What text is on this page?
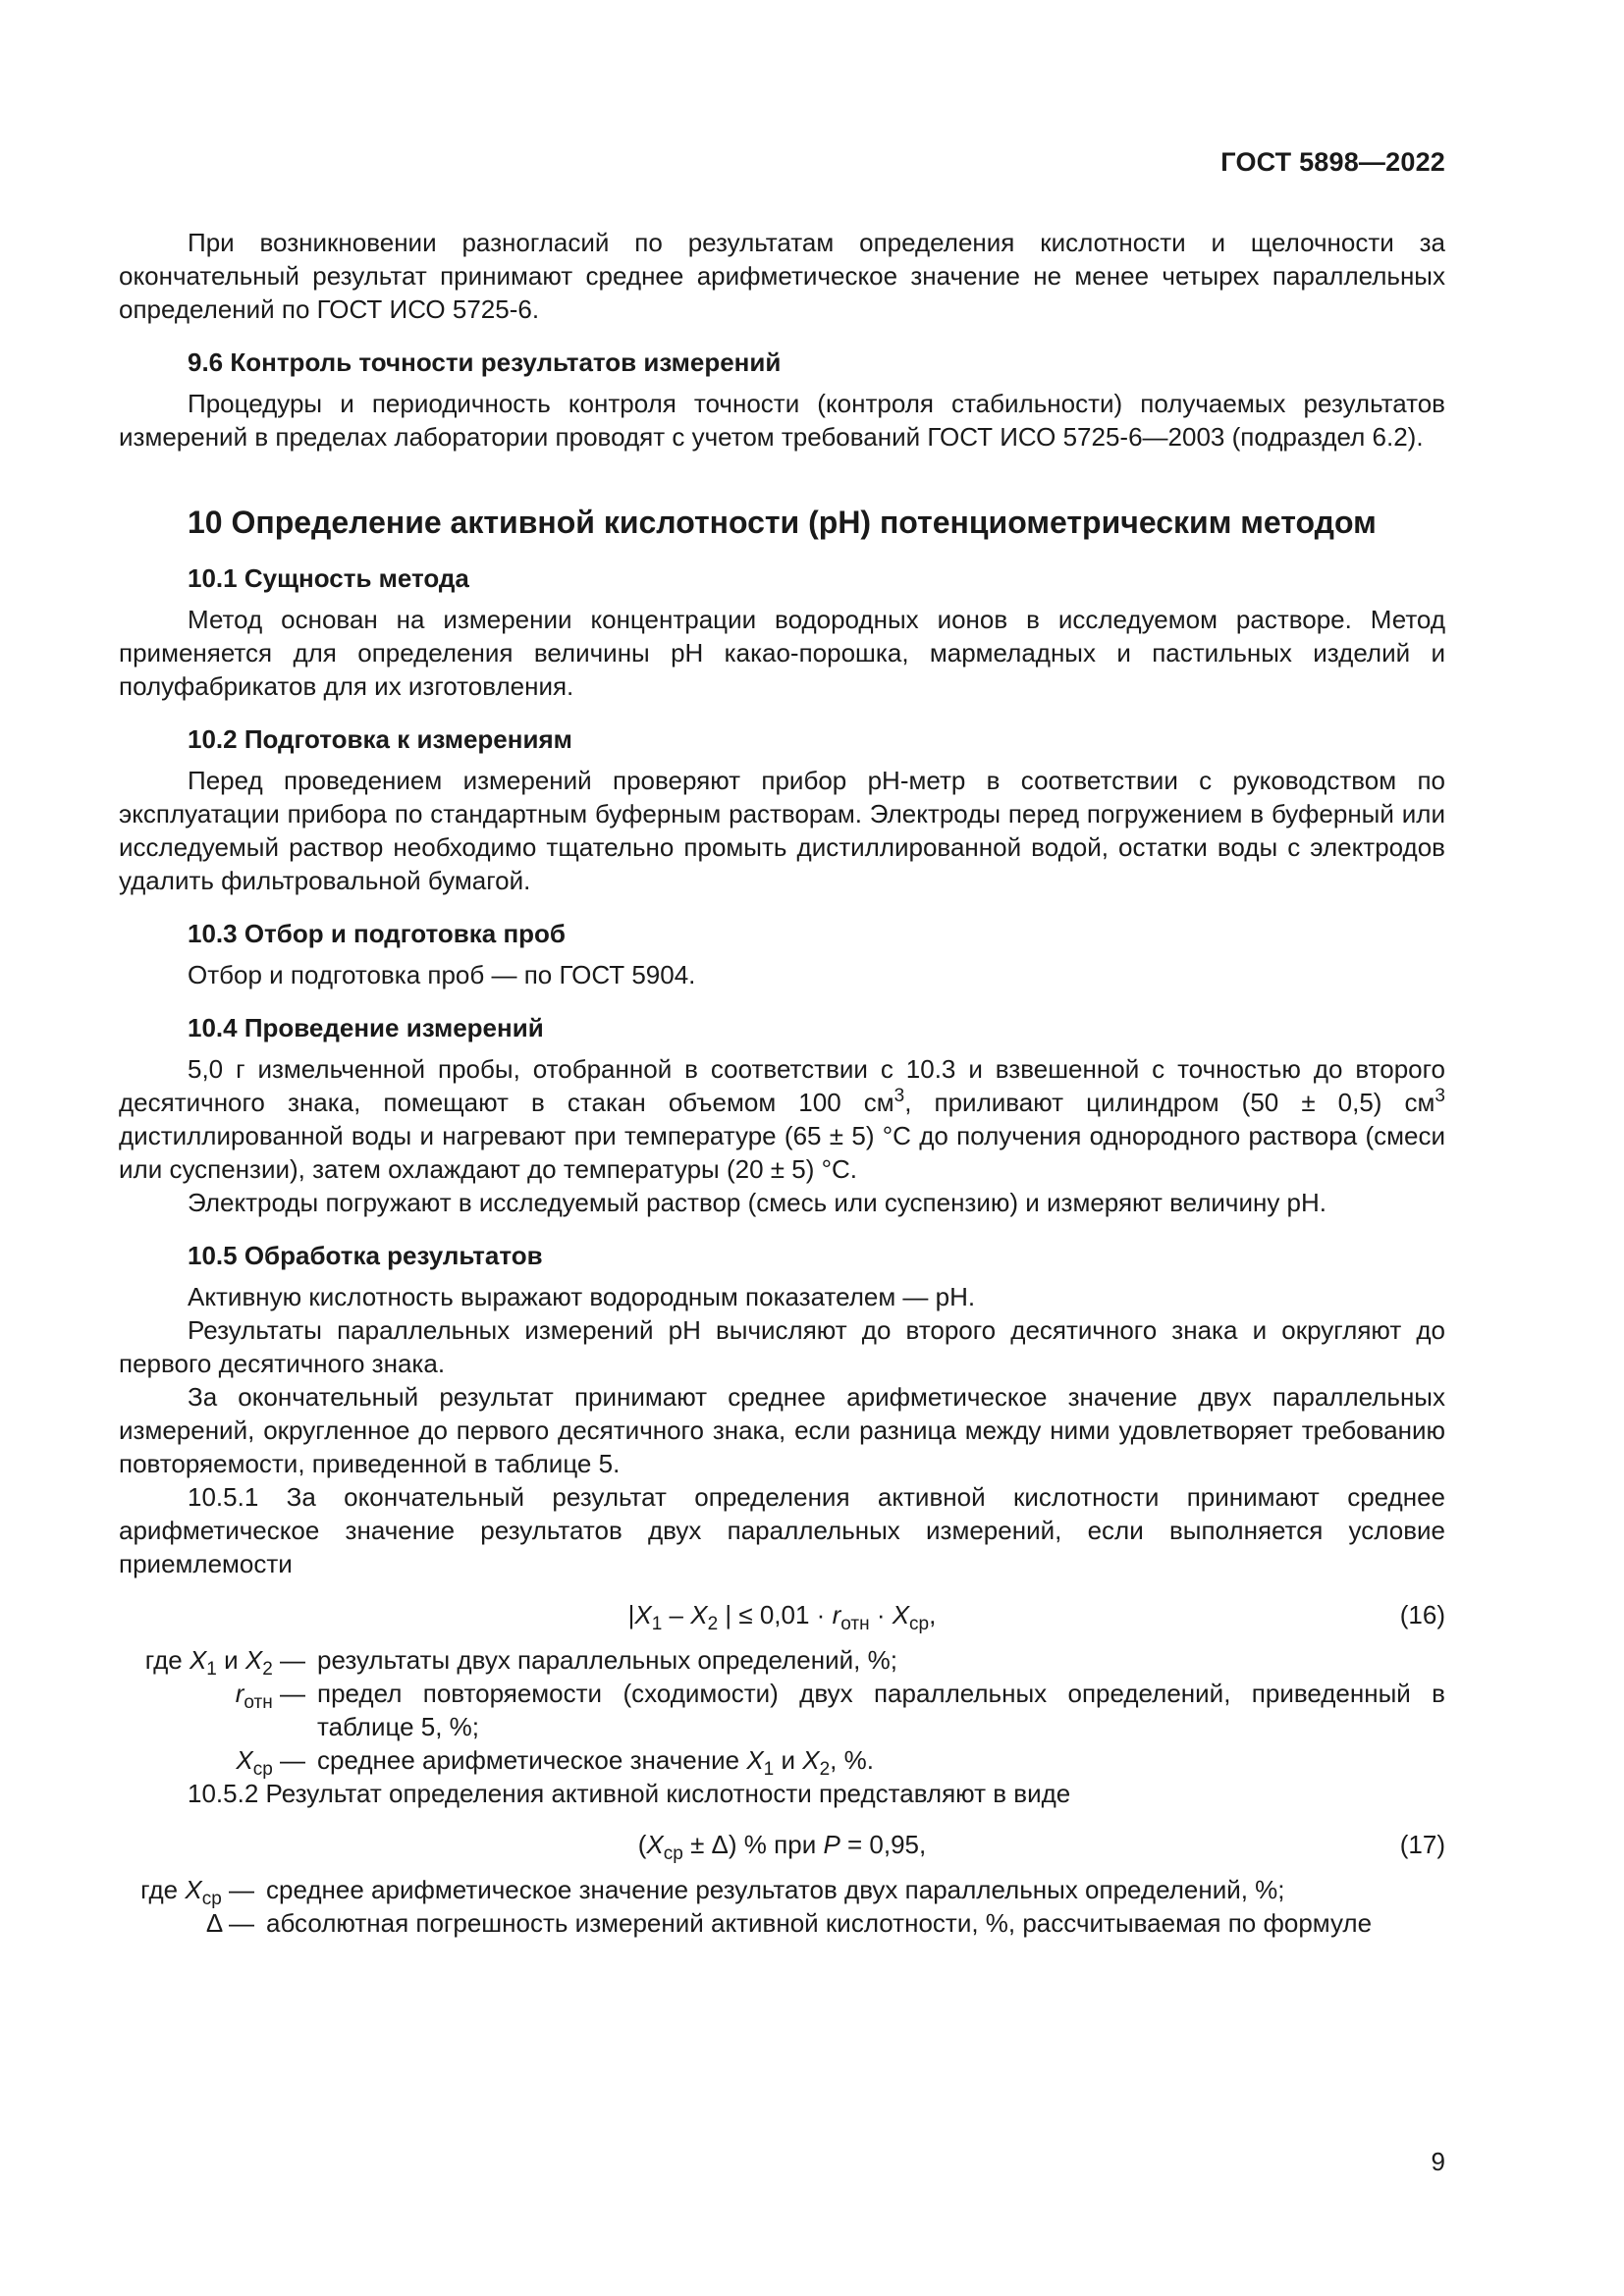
ГОСТ 5898—2022

При возникновении разногласий по результатам определения кислотности и щелочности за окончательный результат принимают среднее арифметическое значение не менее четырех параллельных определений по ГОСТ ИСО 5725-6.

9.6 Контроль точности результатов измерений

Процедуры и периодичность контроля точности (контроля стабильности) получаемых результатов измерений в пределах лаборатории проводят с учетом требований ГОСТ ИСО 5725-6—2003 (подраздел 6.2).

10 Определение активной кислотности (рН) потенциометрическим методом
10.1 Сущность метода

Метод основан на измерении концентрации водородных ионов в исследуемом растворе. Метод применяется для определения величины рН какао-порошка, мармеладных и пастильных изделий и полуфабрикатов для их изготовления.

10.2 Подготовка к измерениям

Перед проведением измерений проверяют прибор рН-метр в соответствии с руководством по эксплуатации прибора по стандартным буферным растворам. Электроды перед погружением в буферный или исследуемый раствор необходимо тщательно промыть дистиллированной водой, остатки воды с электродов удалить фильтровальной бумагой.

10.3 Отбор и подготовка проб

Отбор и подготовка проб — по ГОСТ 5904.

10.4 Проведение измерений

5,0 г измельченной пробы, отобранной в соответствии с 10.3 и взвешенной с точностью до второго десятичного знака, помещают в стакан объемом 100 $см^3$, приливают цилиндром (50 ± 0,5) $см^3$ дистиллированной воды и нагревают при температуре (65 ± 5) °С до получения однородного раствора (смеси или суспензии), затем охлаждают до температуры (20 ± 5) °С.

Электроды погружают в исследуемый раствор (смесь или суспензию) и измеряют величину рН.

10.5 Обработка результатов

Активную кислотность выражают водородным показателем — рН.

Результаты параллельных измерений рН вычисляют до второго десятичного знака и округляют до первого десятичного знака.

За окончательный результат принимают среднее арифметическое значение двух параллельных измерений, округленное до первого десятичного знака, если разница между ними удовлетворяет требованию повторяемости, приведенной в таблице 5.

10.5.1 За окончательный результат определения активной кислотности принимают среднее арифметическое значение результатов двух параллельных измерений, если выполняется условие приемлемости

$|X_1 - X_2$ | ≤ $0,01 \cdot r_{отн} \cdot X_{ср}$,	(16)
где $X_1$ и $X_2$ — результаты двух параллельных определений, %;
$r_{отн}$ — предел повторяемости (сходимости) двух параллельных определений, приведенный в таблице 5, %;
$X_{ср}$ — среднее арифметическое значение $X_1$ и $X_2$, %.

10.5.2 Результат определения активной кислотности представляют в виде

$(X_{ср} \pm \Delta)$ % при P = 0,95,	(17)
где $X_{ср}$ — среднее арифметическое значение результатов двух параллельных определений, %;
Δ — абсолютная погрешность измерений активной кислотности, %, рассчитываемая по формуле
9
